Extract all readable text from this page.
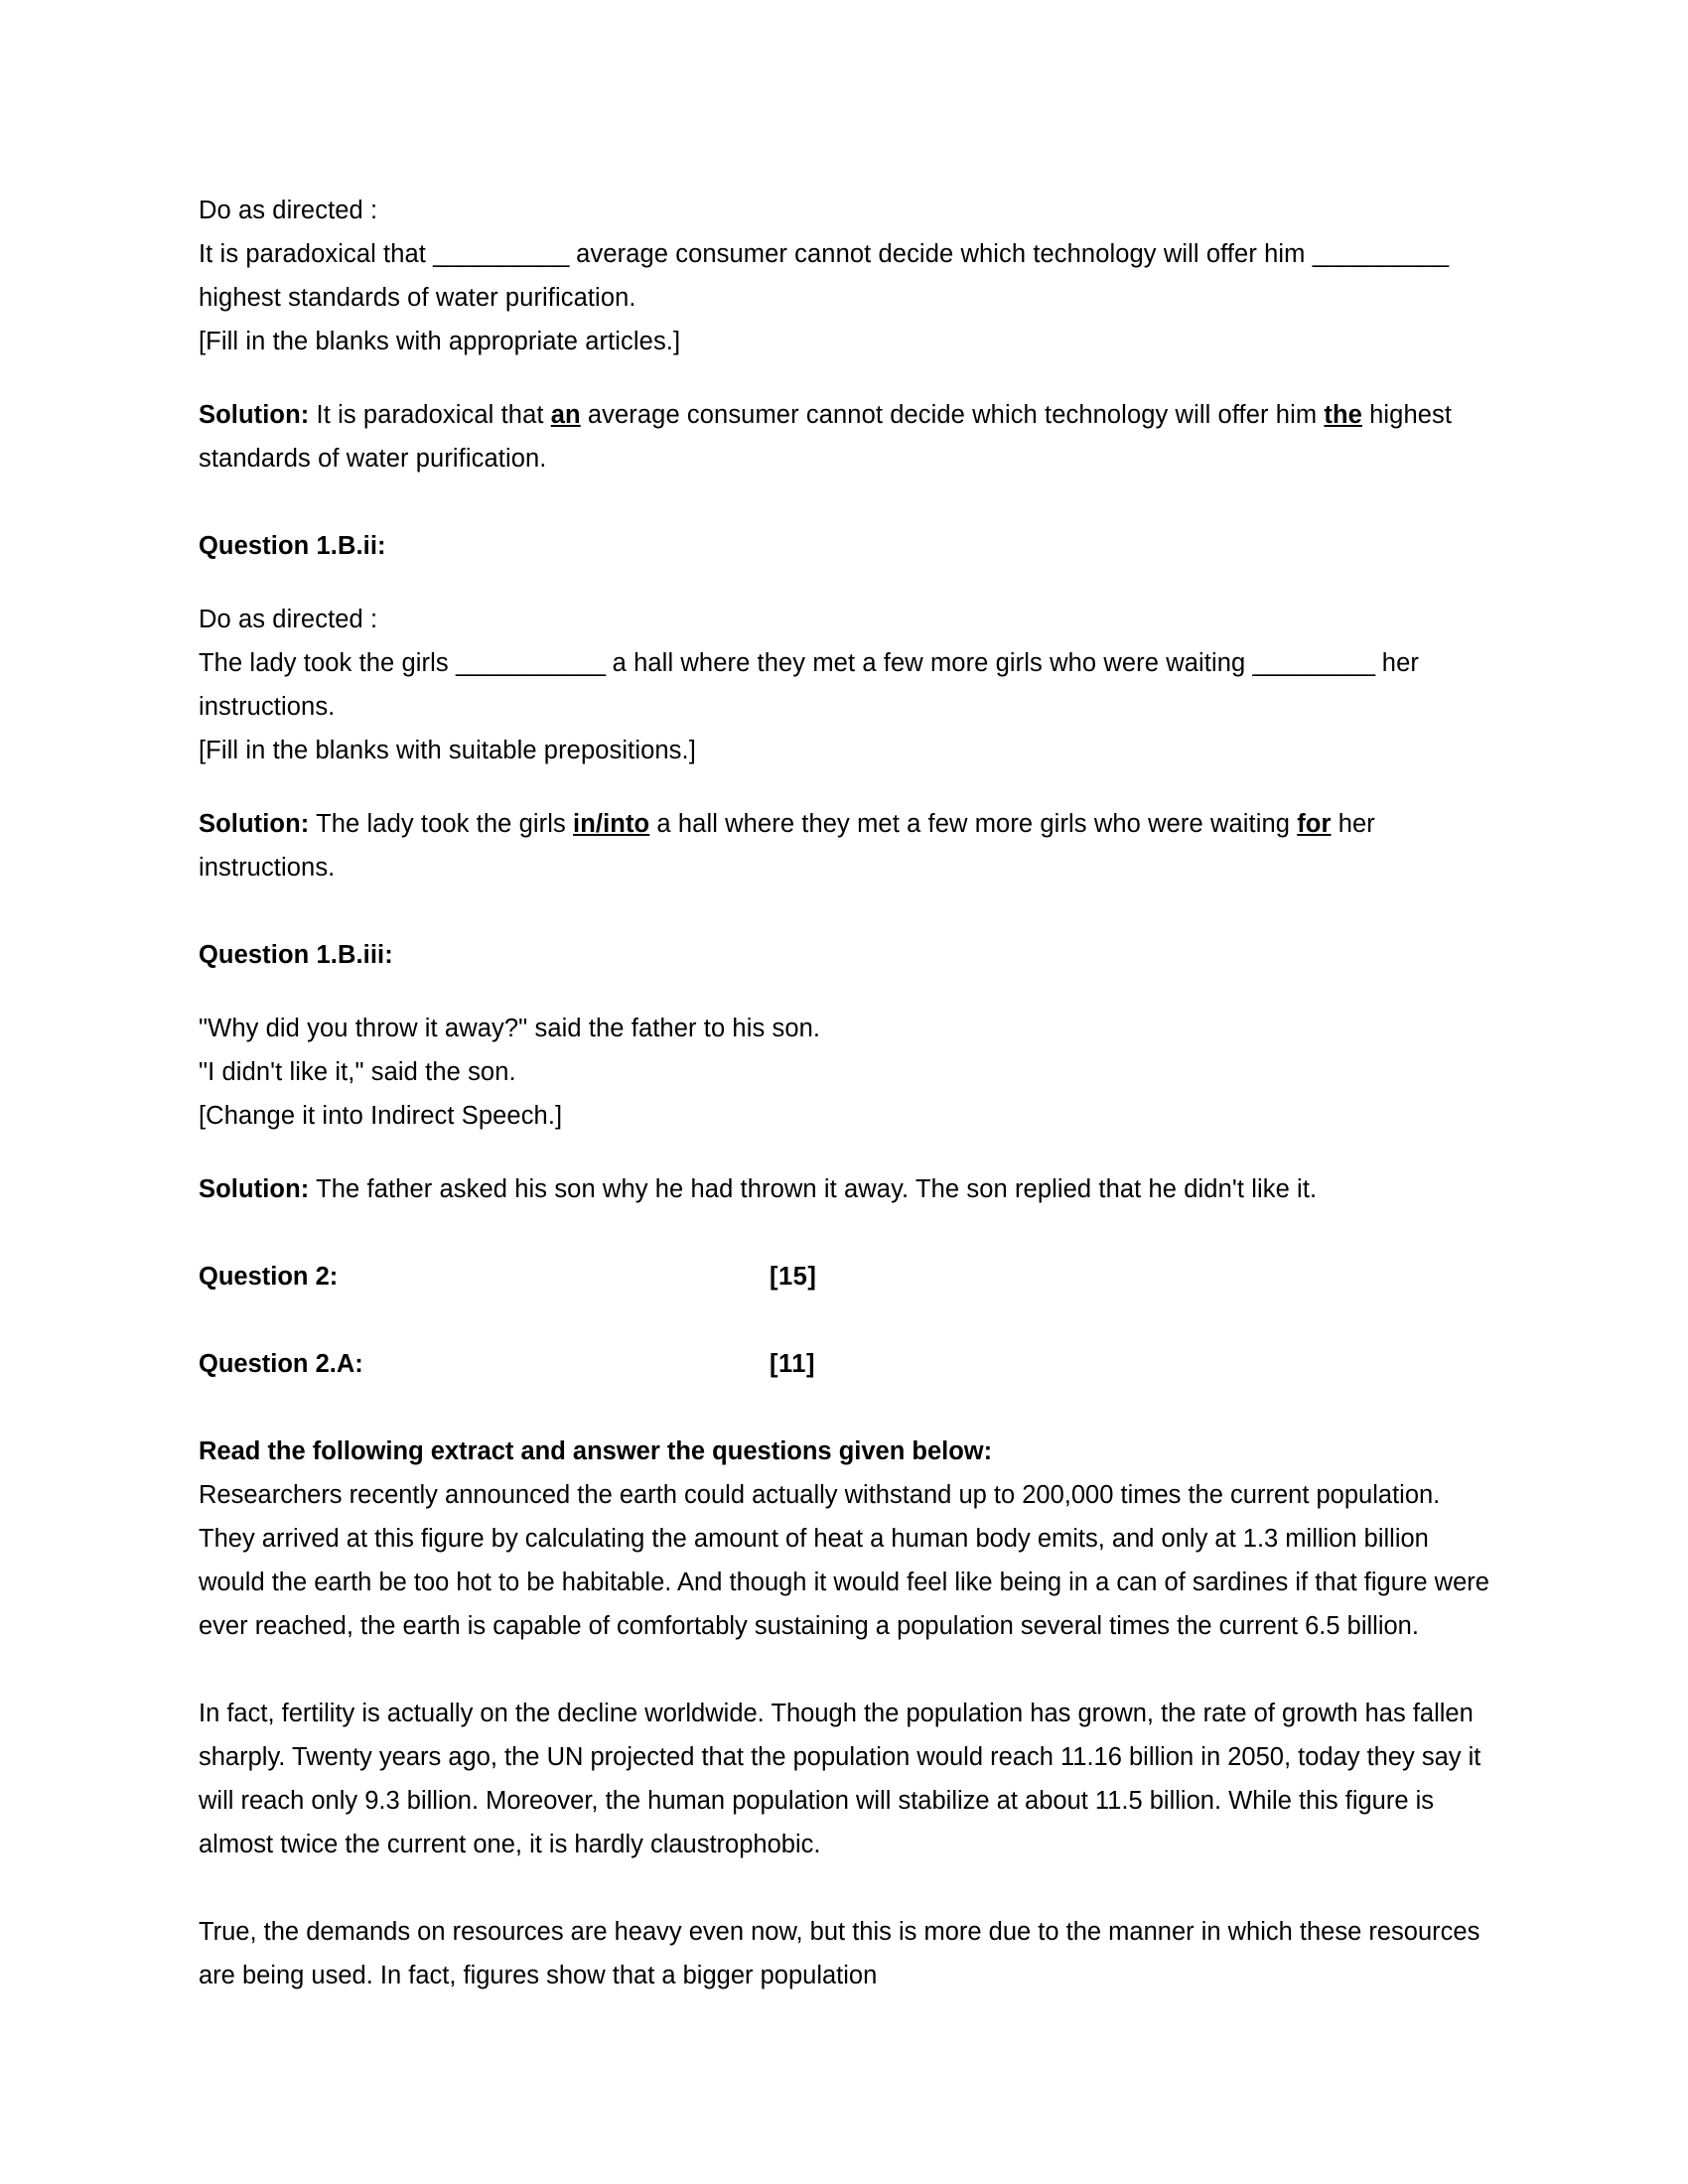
Do as directed :
It is paradoxical that __________ average consumer cannot decide which technology will offer him __________ highest standards of water purification.
[Fill in the blanks with appropriate articles.]

Solution: It is paradoxical that an average consumer cannot decide which technology will offer him the highest standards of water purification.

Question 1.B.ii:
Do as directed :
The lady took the girls ___________ a hall where they met a few more girls who were waiting _________ her instructions.
[Fill in the blanks with suitable prepositions.]

Solution: The lady took the girls in/into a hall where they met a few more girls who were waiting for her instructions.

Question 1.B.iii:
"Why did you throw it away?" said the father to his son.
"I didn't like it," said the son.
[Change it into Indirect Speech.]

Solution: The father asked his son why he had thrown it away. The son replied that he didn't like it.

Question 2:	[15]
Question 2.A:	[11]
Read the following extract and answer the questions given below:

Researchers recently announced the earth could actually withstand up to 200,000 times the current population. They arrived at this figure by calculating the amount of heat a human body emits, and only at 1.3 million billion would the earth be too hot to be habitable. And though it would feel like being in a can of sardines if that figure were ever reached, the earth is capable of comfortably sustaining a population several times the current 6.5 billion.

In fact, fertility is actually on the decline worldwide. Though the population has grown, the rate of growth has fallen sharply. Twenty years ago, the UN projected that the population would reach 11.16 billion in 2050, today they say it will reach only 9.3 billion. Moreover, the human population will stabilize at about 11.5 billion. While this figure is almost twice the current one, it is hardly claustrophobic.

True, the demands on resources are heavy even now, but this is more due to the manner in which these resources are being used. In fact, figures show that a bigger population
